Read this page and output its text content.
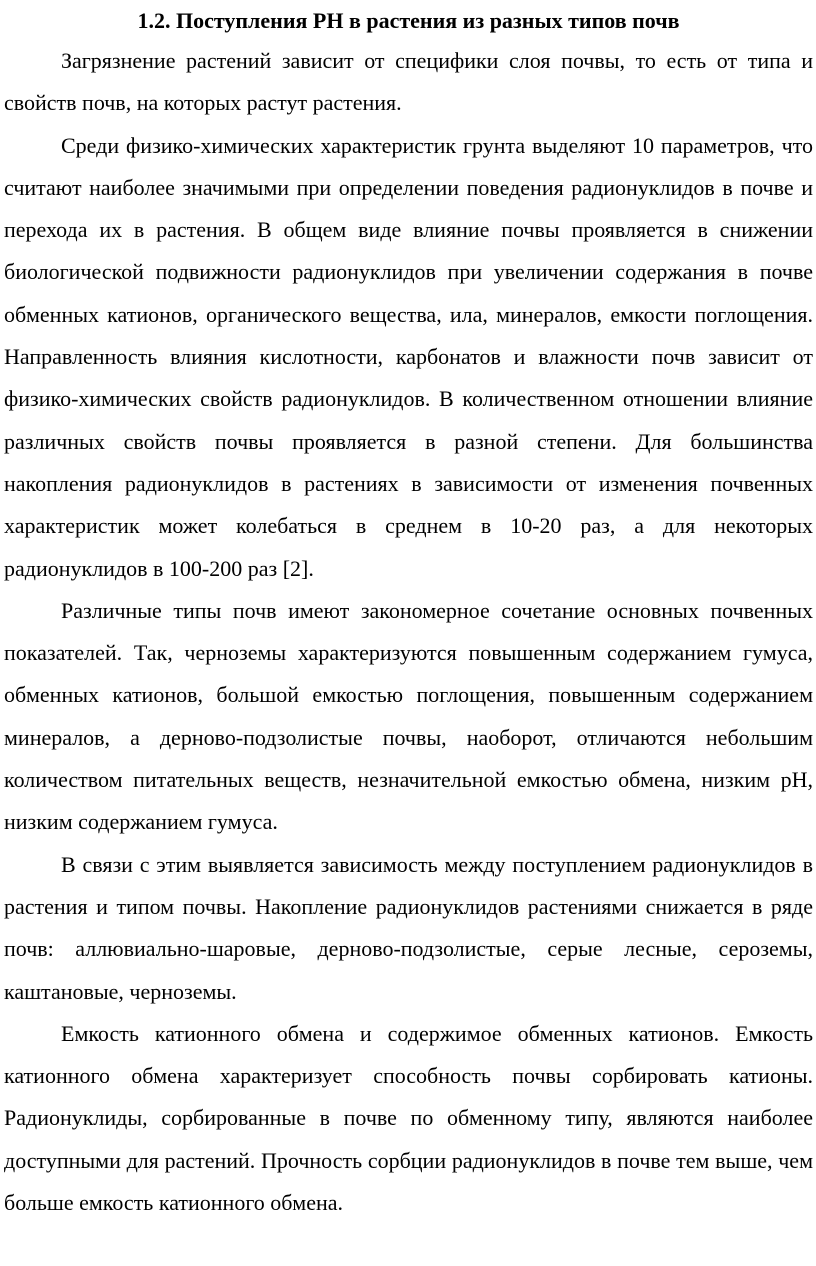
1.2. Поступления РН в растения из разных типов почв

Загрязнение растений зависит от специфики слоя почвы, то есть от типа и свойств почв, на которых растут растения.

Среди физико-химических характеристик грунта выделяют 10 параметров, что считают наиболее значимыми при определении поведения радионуклидов в почве и перехода их в растения. В общем виде влияние почвы проявляется в снижении биологической подвижности радионуклидов при увеличении содержания в почве обменных катионов, органического вещества, ила, минералов, емкости поглощения. Направленность влияния кислотности, карбонатов и влажности почв зависит от физико-химических свойств радионуклидов. В количественном отношении влияние различных свойств почвы проявляется в разной степени. Для большинства накопления радионуклидов в растениях в зависимости от изменения почвенных характеристик может колебаться в среднем в 10-20 раз, а для некоторых радионуклидов в 100-200 раз [2].

Различные типы почв имеют закономерное сочетание основных почвенных показателей. Так, черноземы характеризуются повышенным содержанием гумуса, обменных катионов, большой емкостью поглощения, повышенным содержанием минералов, а дерново-подзолистые почвы, наоборот, отличаются небольшим количеством питательных веществ, незначительной емкостью обмена, низким pH, низким содержанием гумуса.

В связи с этим выявляется зависимость между поступлением радионуклидов в растения и типом почвы. Накопление радионуклидов растениями снижается в ряде почв: аллювиально-шаровые, дерново-подзолистые, серые лесные, сероземы, каштановые, черноземы.

Емкость катионного обмена и содержимое обменных катионов. Емкость катионного обмена характеризует способность почвы сорбировать катионы. Радионуклиды, сорбированные в почве по обменному типу, являются наиболее доступными для растений. Прочность сорбции радионуклидов в почве тем выше, чем больше емкость катионного обмена.
